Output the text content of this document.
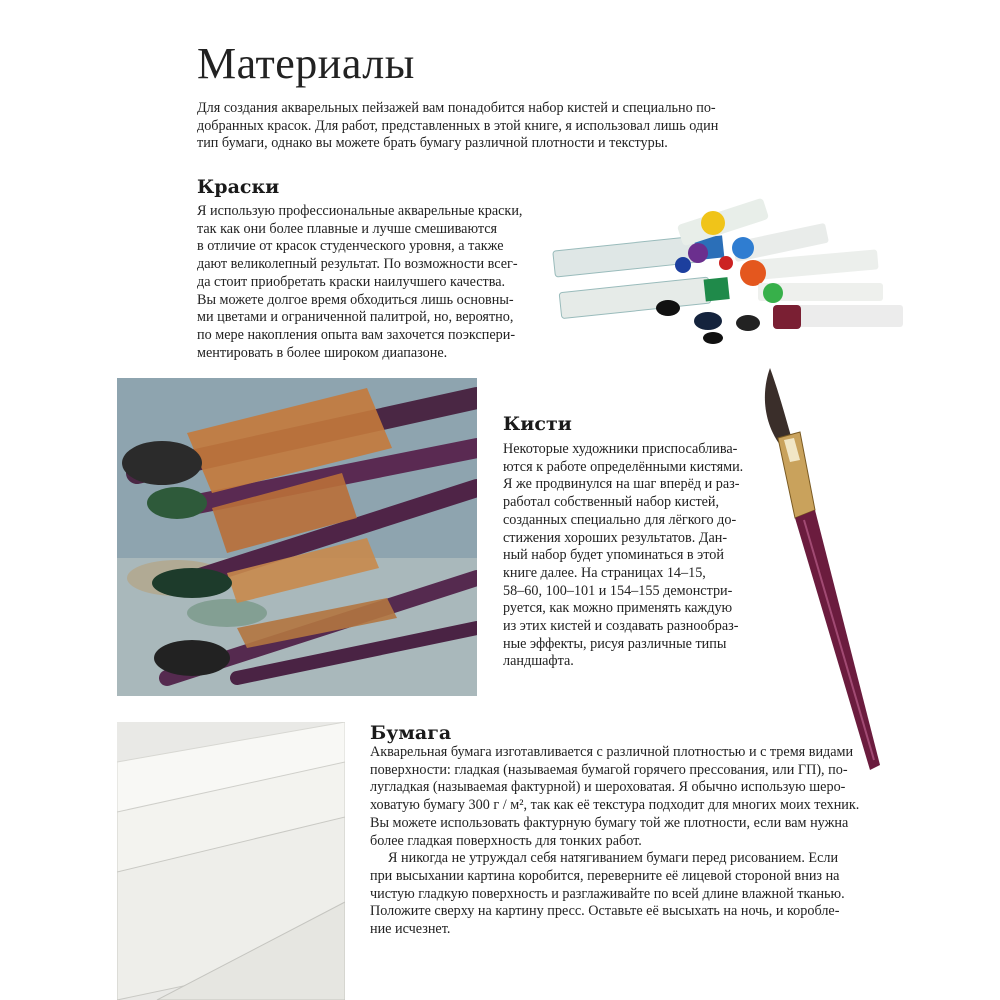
Материалы
Для создания акварельных пейзажей вам понадобится набор кистей и специально по-
добранных красок. Для работ, представленных в этой книге, я использовал лишь один
тип бумаги, однако вы можете брать бумагу различной плотности и текстуры.
Краски
Я использую профессиональные акварельные краски,
так как они более плавные и лучше смешиваются
в отличие от красок студенческого уровня, а также
дают великолепный результат. По возможности всег-
да стоит приобретать краски наилучшего качества.
Вы можете долгое время обходиться лишь основны-
ми цветами и ограниченной палитрой, но, вероятно,
по мере накопления опыта вам захочется поэкспери-
ментировать в более широком диапазоне.
Кисти
Некоторые художники приспосаблива-
ются к работе определёнными кистями.
Я же продвинулся на шаг вперёд и раз-
работал собственный набор кистей,
созданных специально для лёгкого до-
стижения хороших результатов. Дан-
ный набор будет упоминаться в этой
книге далее. На страницах 14–15,
58–60, 100–101 и 154–155 демонстри-
руется, как можно применять каждую
из этих кистей и создавать разнообраз-
ные эффекты, рисуя различные типы
ландшафта.
Бумага
Акварельная бумага изготавливается с различной плотностью и с тремя видами
поверхности: гладкая (называемая бумагой горячего прессования, или ГП), по-
лугладкая (называемая фактурной) и шероховатая. Я обычно использую шеро-
ховатую бумагу 300 г / м², так как её текстура подходит для многих моих техник.
Вы можете использовать фактурную бумагу той же плотности, если вам нужна
более гладкая поверхность для тонких работ.
Я никогда не утруждал себя натягиванием бумаги перед рисованием. Если
при высыхании картина коробится, переверните её лицевой стороной вниз на
чистую гладкую поверхность и разглаживайте по всей длине влажной тканью.
Положите сверху на картину пресс. Оставьте её высыхать на ночь, и коробле-
ние исчезнет.
